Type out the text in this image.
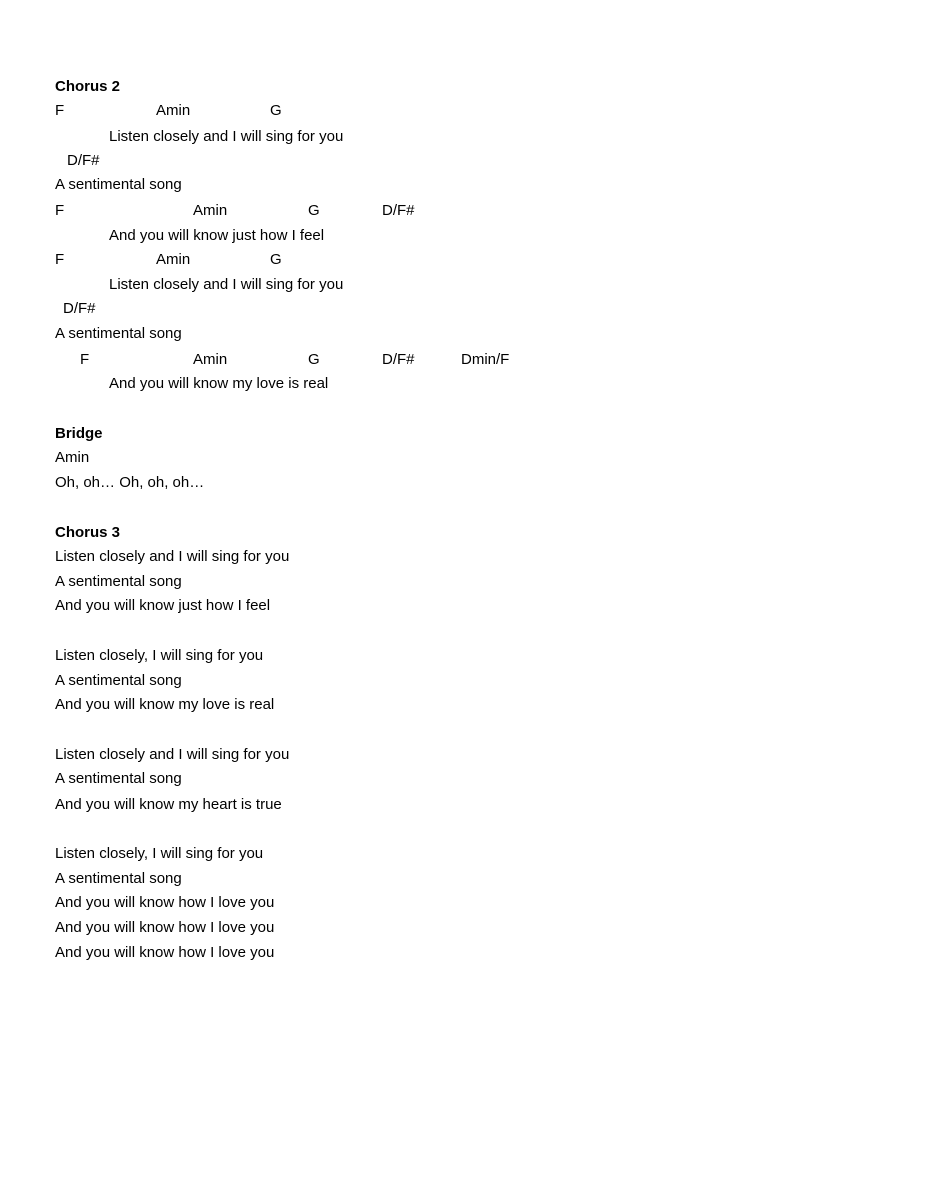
Chorus 2
F	Amin	G
Listen closely and I will sing for you
D/F#
A sentimental song
F	Amin	G	D/F#
And you will know just how I feel
F	Amin	G
Listen closely and I will sing for you
D/F#
A sentimental song
F	Amin	G	D/F#	Dmin/F
And you will know my love is real
Bridge
Amin
Oh, oh… Oh, oh, oh…
Chorus 3
Listen closely and I will sing for you
A sentimental song
And you will know just how I feel
Listen closely, I will sing for you
A sentimental song
And you will know my love is real
Listen closely and I will sing for you
A sentimental song
And you will know my heart is true
Listen closely, I will sing for you
A sentimental song
And you will know how I love you
And you will know how I love you
And you will know how I love you
